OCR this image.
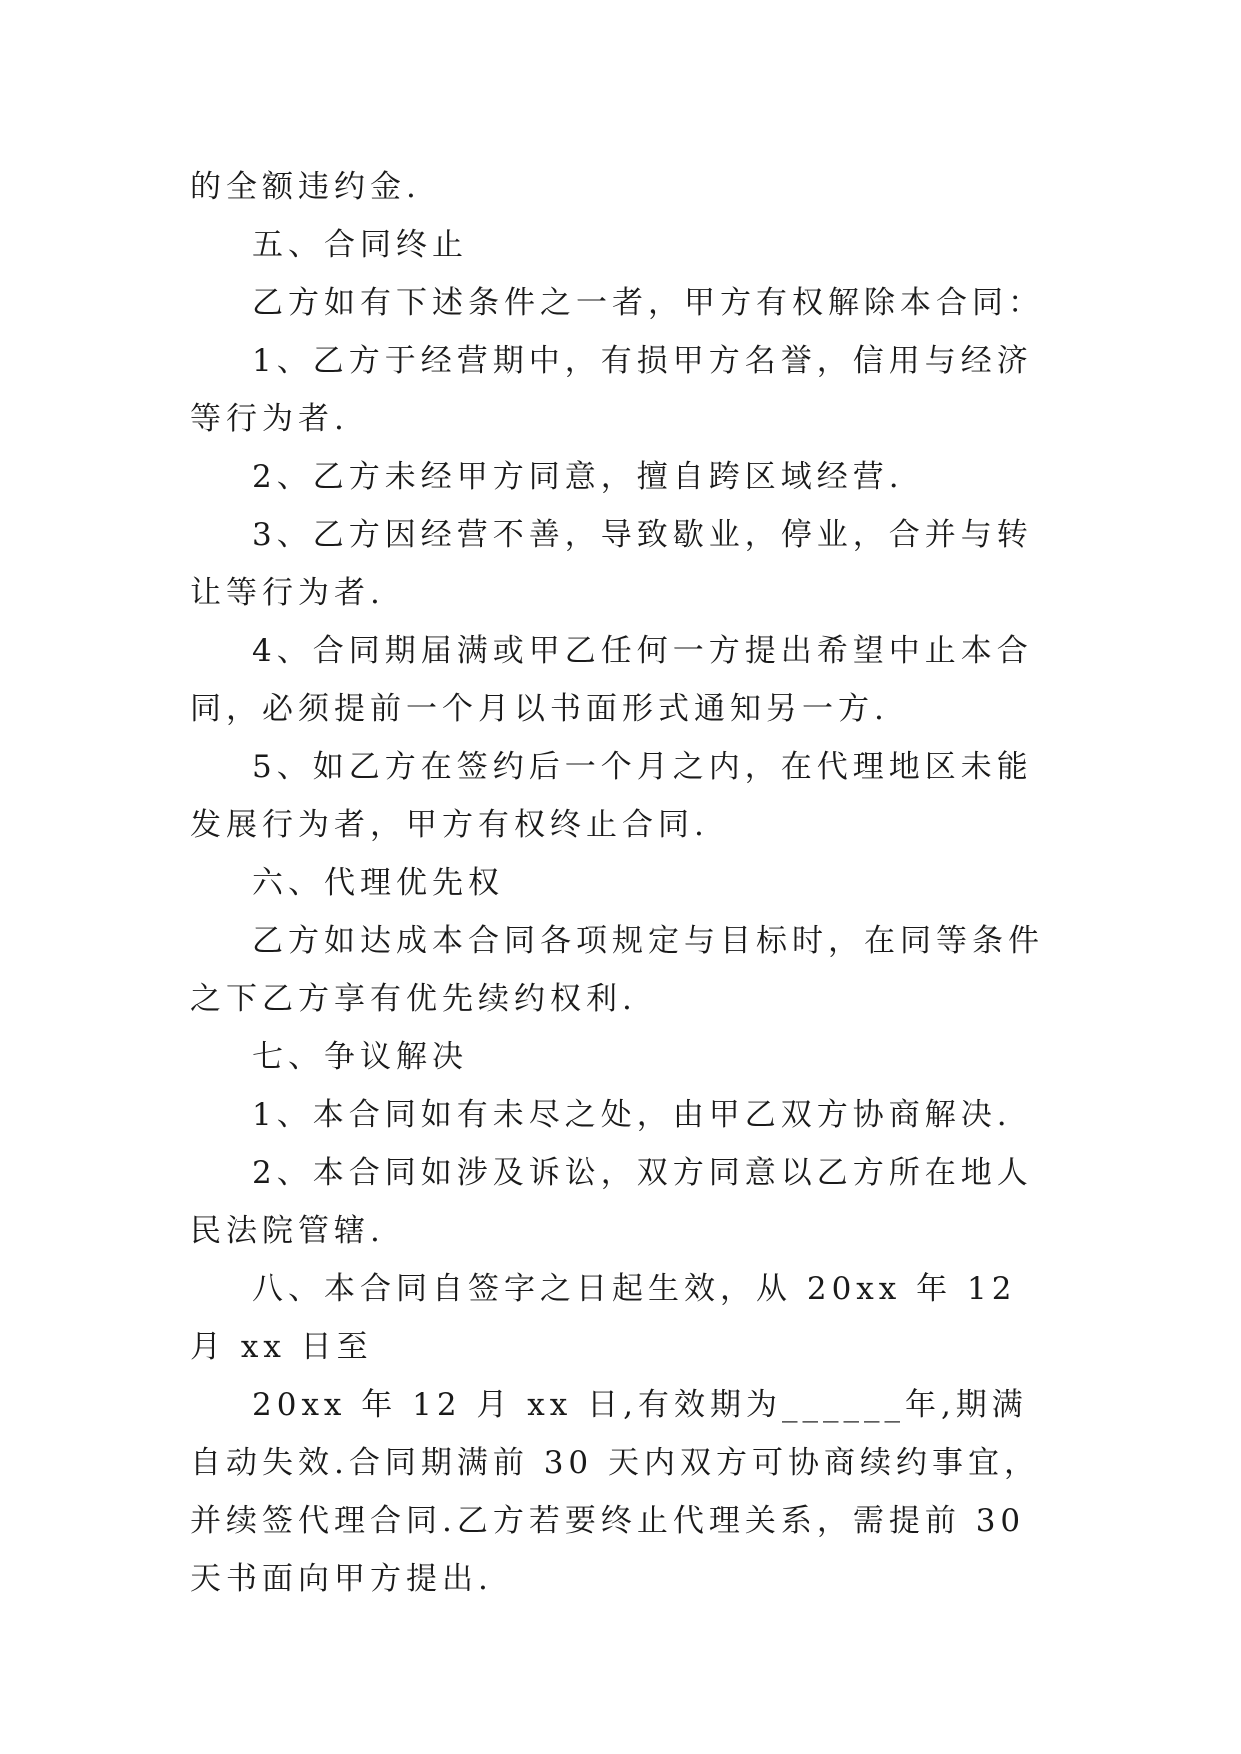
的全额违约金.

五、合同终止

乙方如有下述条件之一者，甲方有权解除本合同：

1、乙方于经营期中，有损甲方名誉，信用与经济等行为者.

2、乙方未经甲方同意，擅自跨区域经营.

3、乙方因经营不善，导致歇业，停业，合并与转让等行为者.

4、合同期届满或甲乙任何一方提出希望中止本合同，必须提前一个月以书面形式通知另一方.

5、如乙方在签约后一个月之内，在代理地区未能发展行为者，甲方有权终止合同.

六、代理优先权

乙方如达成本合同各项规定与目标时，在同等条件之下乙方享有优先续约权利.

七、争议解决

1、本合同如有未尽之处，由甲乙双方协商解决.

2、本合同如涉及诉讼，双方同意以乙方所在地人民法院管辖.

八、本合同自签字之日起生效，从 20xx 年 12 月 xx 日至

20xx 年 12 月 xx 日,有效期为______年,期满自动失效.合同期满前 30 天内双方可协商续约事宜，并续签代理合同.乙方若要终止代理关系，需提前 30 天书面向甲方提出.
